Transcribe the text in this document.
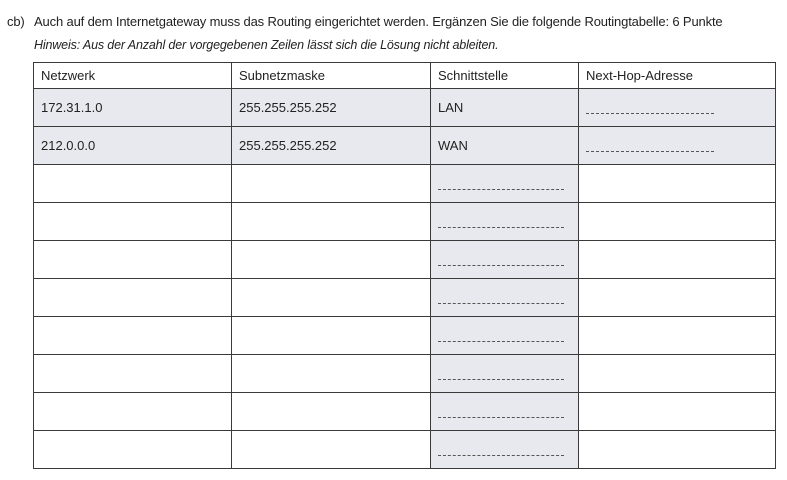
cb) Auch auf dem Internetgateway muss das Routing eingerichtet werden. Ergänzen Sie die folgende Routingtabelle: 6 Punkte
Hinweis: Aus der Anzahl der vorgegebenen Zeilen lässt sich die Lösung nicht ableiten.
Netzwerk	Subnetzmaske	Schnittstelle	Next-Hop-Adresse
172.31.1.0	255.255.255.252	LAN	

212.0.0.0	255.255.255.252	WAN	
